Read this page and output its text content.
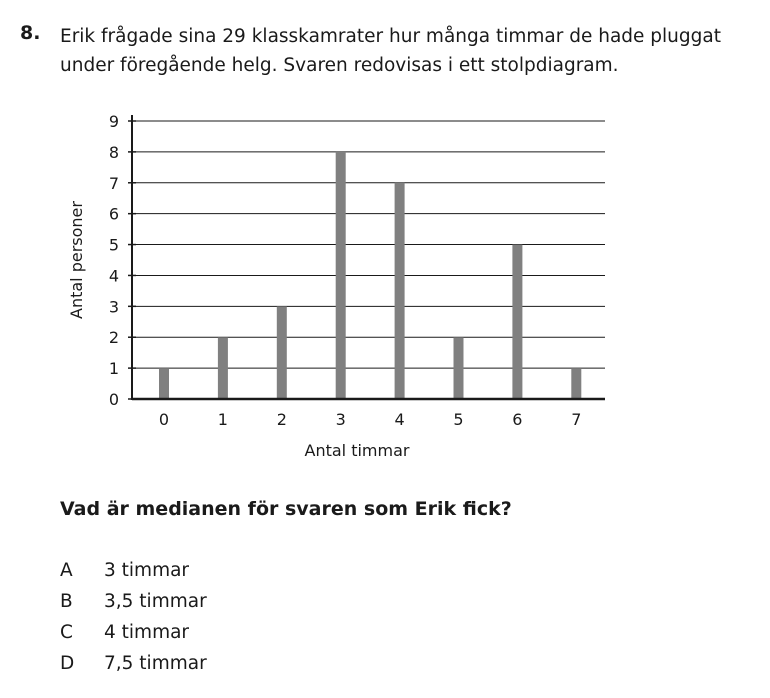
8. Erik frågade sina 29 klasskamrater hur många timmar de hade pluggat under föregående helg. Svaren redovisas i ett stolpdiagram.
0
1
2
3
4
5
6
7
8
9
0	1	2	3	4	5	6	7
Antal timmar
Antal personer
Vad är medianen för svaren som Erik fick?
A 3 timmar
B 3,5 timmar
C 4 timmar
D 7,5 timmar
